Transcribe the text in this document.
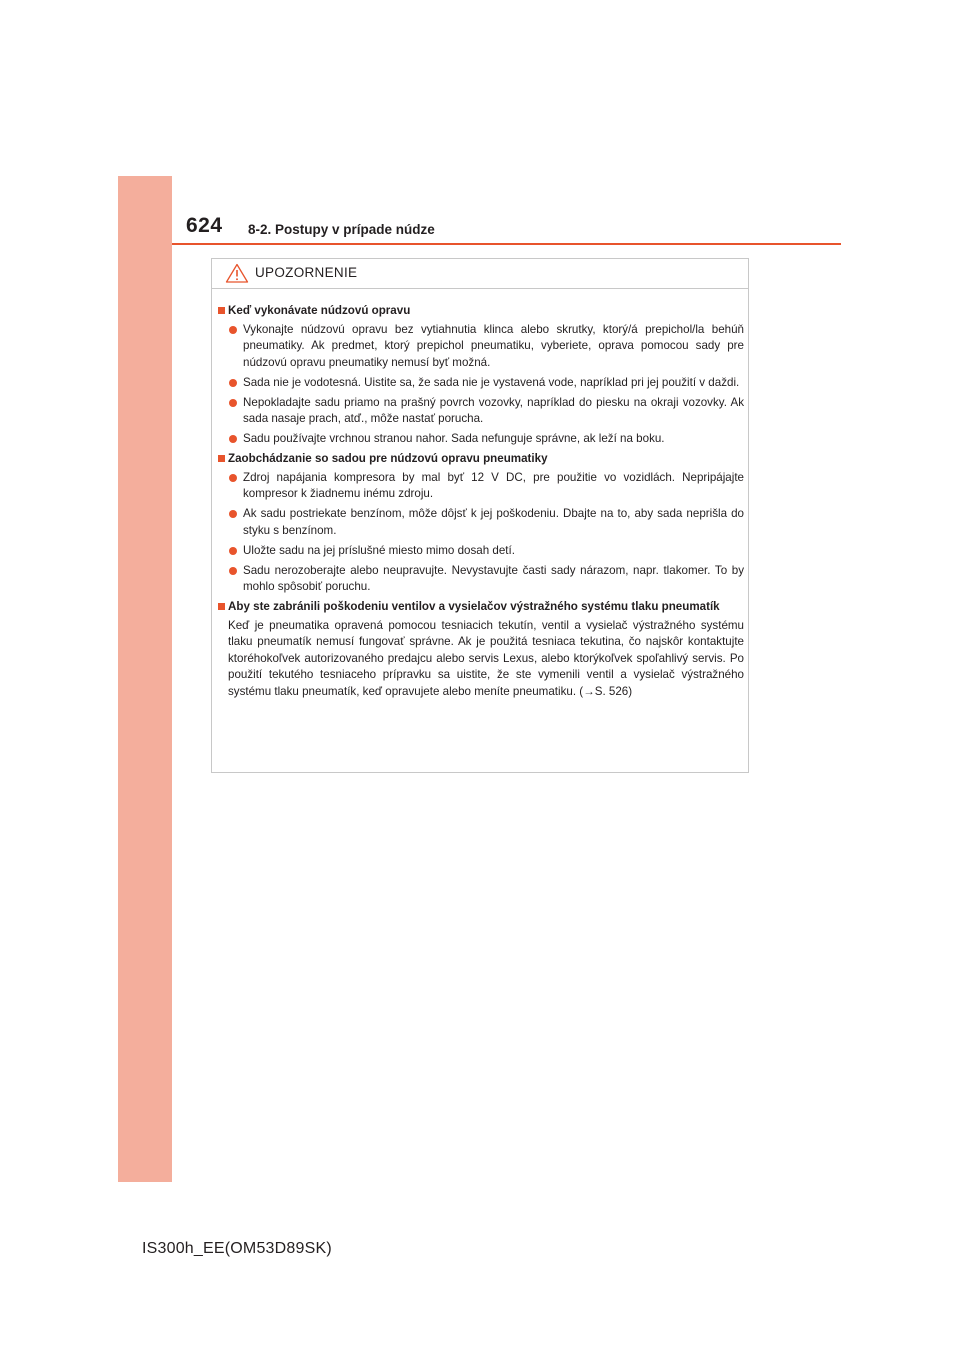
624 8-2. Postupy v prípade núdze
UPOZORNENIE
Keď vykonávate núdzovú opravu
Vykonajte núdzovú opravu bez vytiahnutia klinca alebo skrutky, ktorý/á prepichol/la behúň pneumatiky. Ak predmet, ktorý prepichol pneumatiku, vyberiete, oprava pomocou sady pre núdzovú opravu pneumatiky nemusí byť možná.
Sada nie je vodotesná. Uistite sa, že sada nie je vystavená vode, napríklad pri jej použití v daždi.
Nepokladajte sadu priamo na prašný povrch vozovky, napríklad do piesku na okraji vozovky. Ak sada nasaje prach, atď., môže nastať porucha.
Sadu používajte vrchnou stranou nahor. Sada nefunguje správne, ak leží na boku.
Zaobchádzanie so sadou pre núdzovú opravu pneumatiky
Zdroj napájania kompresora by mal byť 12 V DC, pre použitie vo vozidlách. Nepripájajte kompresor k žiadnemu inému zdroju.
Ak sadu postriekate benzínom, môže dôjsť k jej poškodeniu. Dbajte na to, aby sada neprišla do styku s benzínom.
Uložte sadu na jej príslušné miesto mimo dosah detí.
Sadu nerozoberajte alebo neupravujte. Nevystavujte časti sady nárazom, napr. tlakomer. To by mohlo spôsobiť poruchu.
Aby ste zabránili poškodeniu ventilov a vysielačov výstražného systému tlaku pneumatík
Keď je pneumatika opravená pomocou tesniacich tekutín, ventil a vysielač výstražného systému tlaku pneumatík nemusí fungovať správne. Ak je použitá tesniaca tekutina, čo najskôr kontaktujte ktoréhokoľvek autorizovaného predajcu alebo servis Lexus, alebo ktorýkoľvek spoľahlivý servis. Po použití tekutého tesniaceho prípravku sa uistite, že ste vymenili ventil a vysielač výstražného systému tlaku pneumatík, keď opravujete alebo meníte pneumatiku. (→S. 526)
IS300h_EE(OM53D89SK)
